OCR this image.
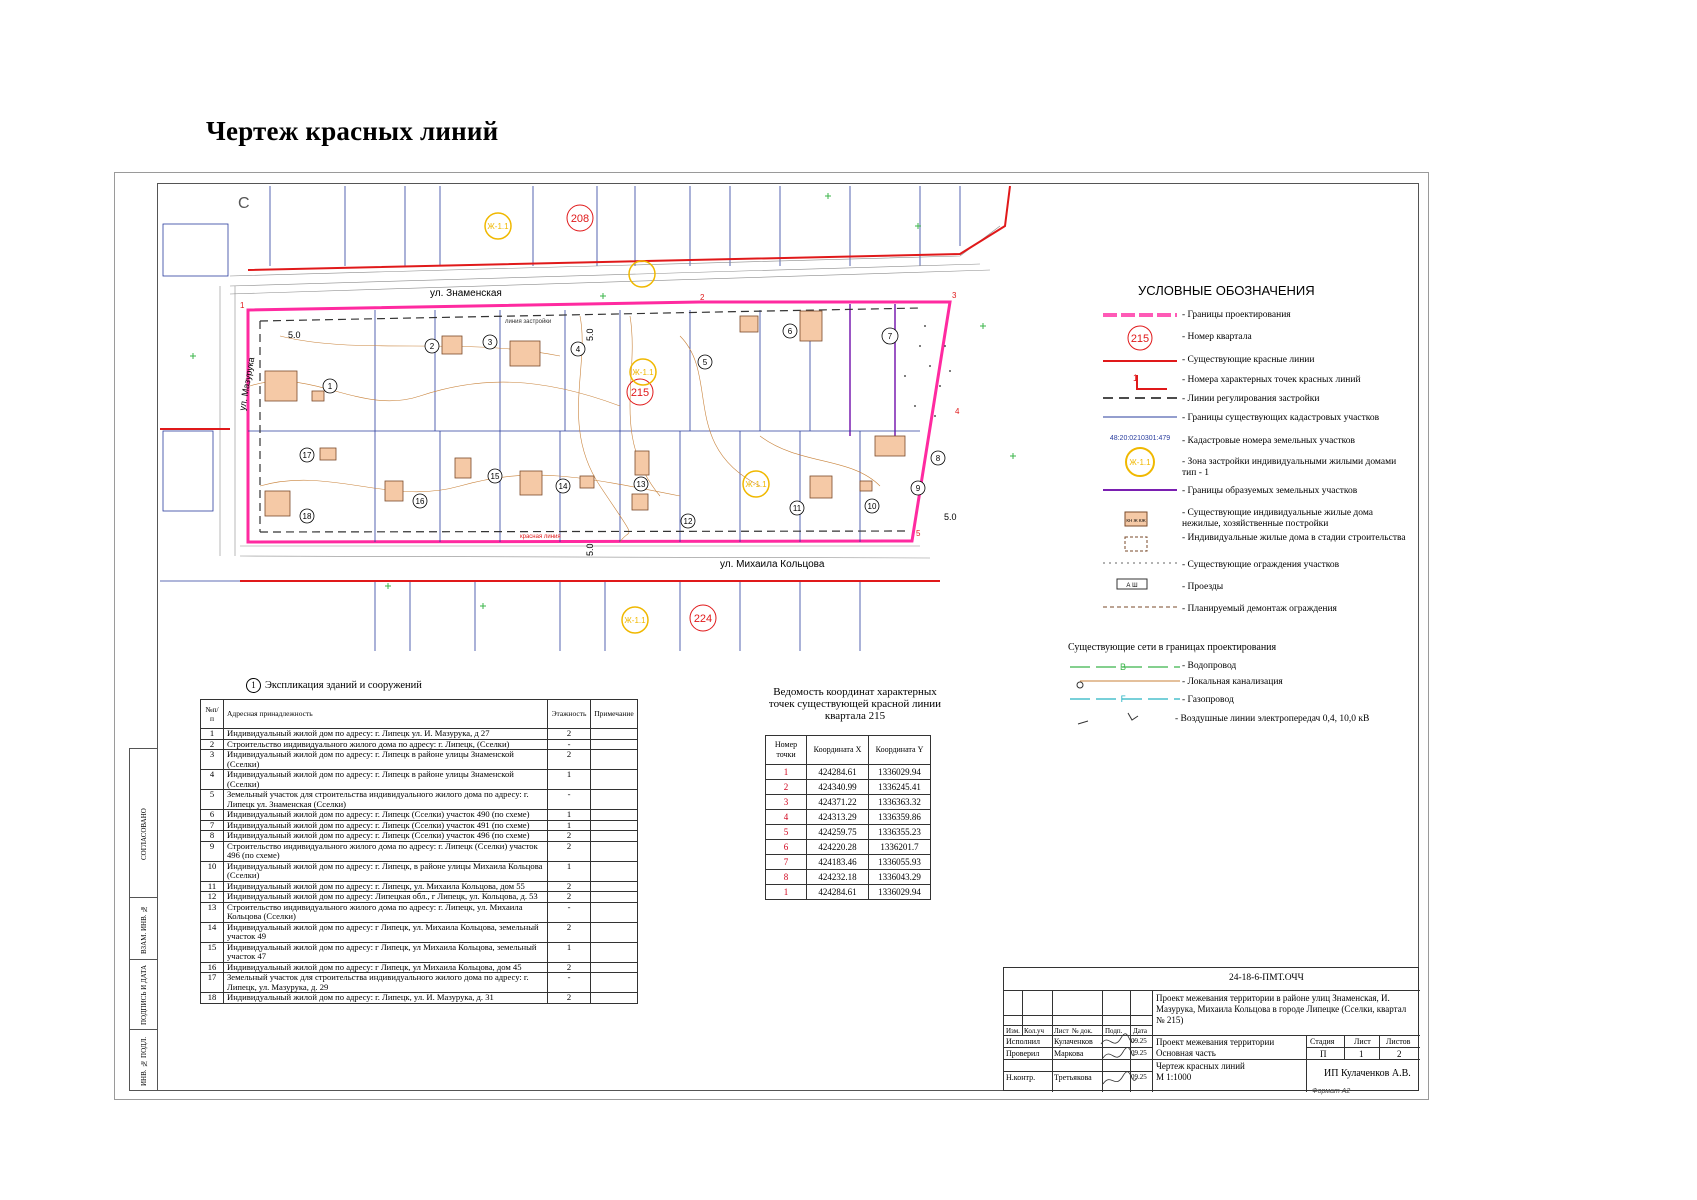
Чертеж красных линий
СОГЛАСОВАНО
ВЗАМ. ИНВ. №
ПОДПИСЬ И ДАТА
ИНВ. № ПОДЛ.
208
215
224
Ж-1.1
Ж-1.1
Ж-1.1
Ж-1.1
1
2	3
4
5
6
7
8
9
10
11
12
13
14
15
16
17
18
ул. Знаменская
ул. Михаила Кольцова
ул. Мазурука
5.0	5.0
5.0
5.0
1
2	3
4
5
С
красная линия
линия застройки
УСЛОВНЫЕ ОБОЗНАЧЕНИЯ
215
1
48:20:0210301:479
Ж-1.1
КН Ж КЖ
А Ш
- Границы проектирования
- Номер квартала
- Существующие красные линии
- Номера характерных точек красных линий
- Линии регулирования застройки
- Границы существующих кадастровых участков
- Кадастровые номера земельных участков
- Зона застройки индивидуальными жилыми домами тип - 1
- Границы образуемых земельных участков
- Существующие индивидуальные жилые дома нежилые, хозяйственные постройки
- Индивидуальные жилые дома в стадии строительства
- Существующие ограждения участков
- Проезды
- Планируемый демонтаж ограждения
Существующие сети в границах проектирования
В
Г
- Водопровод
- Локальная канализация
- Газопровод
- Воздушные линии электропередач 0,4, 10,0 кВ
1 Экспликация зданий и сооружений
№п/п	Адресная принадлежность	Этажность	Примечание
1	Индивидуальный жилой дом по адресу: г. Липецк ул. И. Мазурука, д 27	2	
2	Строительство индивидуального жилого дома по адресу: г. Липецк, (Сселки)	-	
3	Индивидуальный жилой дом по адресу: г. Липецк в районе улицы Знаменской (Сселки)	2	
4	Индивидуальный жилой дом по адресу: г. Липецк в районе улицы Знаменской (Сселки)	1	
5	Земельный участок для строительства индивидуального жилого дома по адресу: г. Липецк ул. Знаменская (Сселки)	-	
6	Индивидуальный жилой дом по адресу: г. Липецк (Сселки) участок 490 (по схеме)	1	
7	Индивидуальный жилой дом по адресу: г. Липецк (Сселки) участок 491 (по схеме)	1	
8	Индивидуальный жилой дом по адресу: г. Липецк (Сселки) участок 496 (по схеме)	2	
9	Строительство индивидуального жилого дома по адресу: г. Липецк (Сселки) участок 496 (по схеме)	2	
10	Индивидуальный жилой дом по адресу: г. Липецк, в районе улицы Михаила Кольцова (Сселки)	1	
11	Индивидуальный жилой дом по адресу: г. Липецк, ул. Михаила Кольцова, дом 55	2	
12	Индивидуальный жилой дом по адресу: Липецкая обл., г Липецк, ул. Кольцова, д. 53	2	
13	Строительство индивидуального жилого дома по адресу: г. Липецк, ул. Михаила Кольцова (Сселки)	-	
14	Индивидуальный жилой дом по адресу: г Липецк, ул. Михаила Кольцова, земельный участок 49	2	
15	Индивидуальный жилой дом по адресу: г Липецк, ул Михаила Кольцова, земельный участок 47	1	
16	Индивидуальный жилой дом по адресу: г Липецк, ул Михаила Кольцова, дом 45	2	
17	Земельный участок для строительства индивидуального жилого дома по адресу: г. Липецк, ул. Мазурука, д. 29	-	
18	Индивидуальный жилой дом по адресу: г. Липецк, ул. И. Мазурука, д. 31	2	
Ведомость координат характерных точек существующей красной линии квартала 215
Номер точки	Координата X	Координата Y
1	424284.61	1336029.94
2	424340.99	1336245.41
3	424371.22	1336363.32
4	424313.29	1336359.86
5	424259.75	1336355.23
6	424220.28	1336201.7
7	424183.46	1336055.93
8	424232.18	1336043.29
1	424284.61	1336029.94
24-18-6-ПМТ.ОЧЧ
Проект межевания территории в районе улиц Знаменская, И. Мазурука, Михаила Кольцова в городе Липецке (Сселки, квартал № 215)
Изм. Кол.уч Лист № док. Подп. Дата
Исполнил Кулаченков	09.25
Проверил Маркова	09.25
Н.контр. Третьякова	09.25
Проект межевания территории Основная часть
Стадия Лист Листов
П	1	2
Чертеж красных линий
М 1:1000	ИП Кулаченков А.В.
Формат А2
